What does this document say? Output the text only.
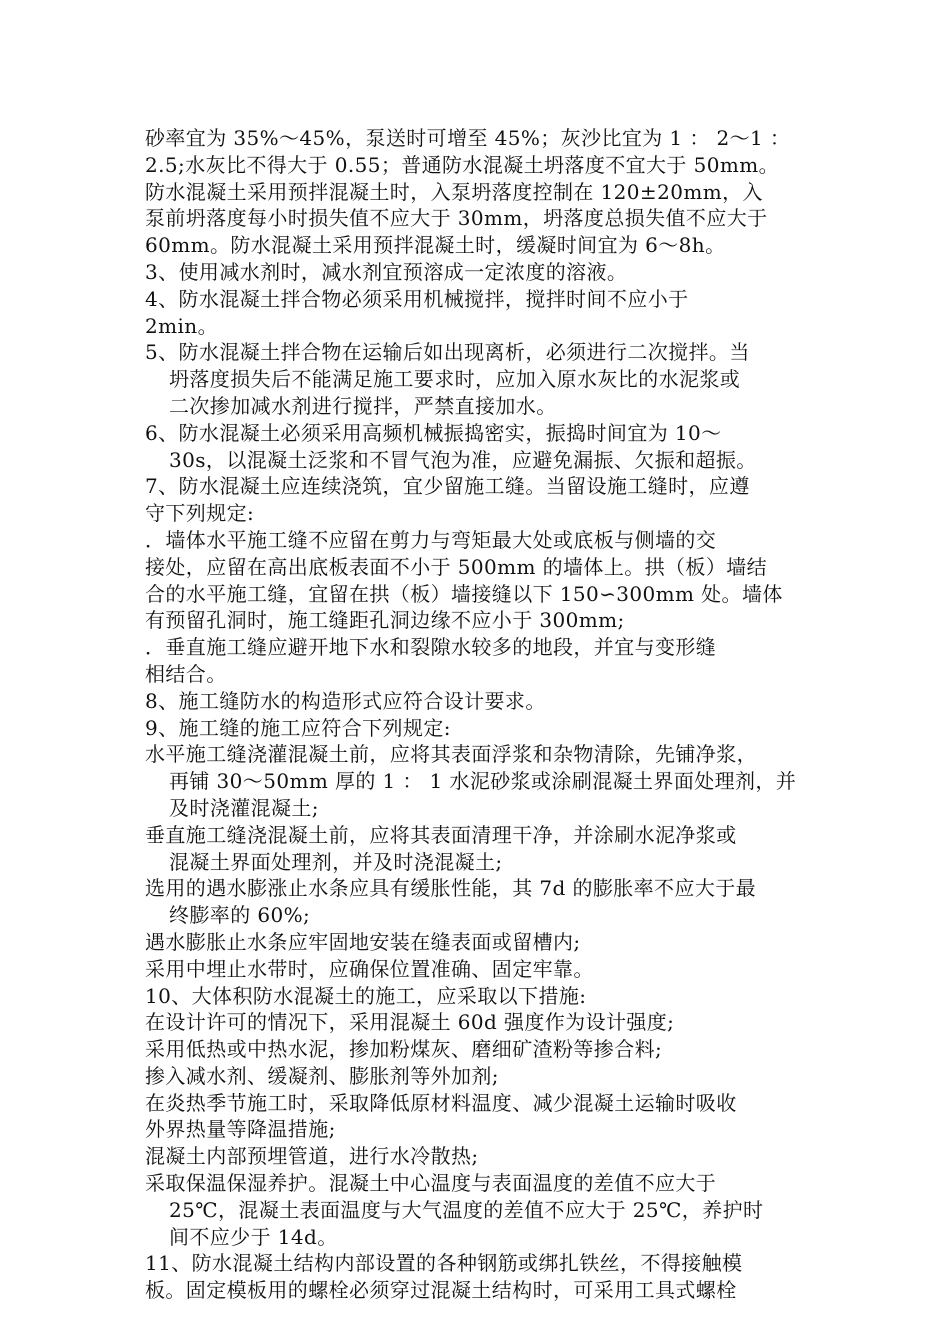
砂率宜为 35%～45%，泵送时可增至 45%；灰沙比宜为 1 ： 2～1 ：
2.5;水灰比不得大于 0.55；普通防水混凝土坍落度不宜大于 50mm。
防水混凝土采用预拌混凝土时，入泵坍落度控制在 120±20mm，入
泵前坍落度每小时损失值不应大于 30mm，坍落度总损失值不应大于
60mm。防水混凝土采用预拌混凝土时，缓凝时间宜为 6～8h。
3、使用减水剂时，减水剂宜预溶成一定浓度的溶液。
4、防水混凝土拌合物必须采用机械搅拌，搅拌时间不应小于
2min。
5、防水混凝土拌合物在运输后如出现离析，必须进行二次搅拌。当
坍落度损失后不能满足施工要求时，应加入原水灰比的水泥浆或
二次掺加减水剂进行搅拌，严禁直接加水。
6、防水混凝土必须采用高频机械振捣密实，振捣时间宜为 10～
30s，以混凝土泛浆和不冒气泡为准，应避免漏振、欠振和超振。
7、防水混凝土应连续浇筑，宜少留施工缝。当留设施工缝时，应遵
守下列规定:
．墙体水平施工缝不应留在剪力与弯矩最大处或底板与侧墙的交
接处，应留在高出底板表面不小于 500mm 的墙体上。拱（板）墙结
合的水平施工缝，宜留在拱（板）墙接缝以下 150∽300mm 处。墙体
有预留孔洞时，施工缝距孔洞边缘不应小于 300mm;
．垂直施工缝应避开地下水和裂隙水较多的地段，并宜与变形缝
相结合。
8、施工缝防水的构造形式应符合设计要求。
9、施工缝的施工应符合下列规定:
水平施工缝浇灌混凝土前，应将其表面浮浆和杂物清除，先铺净浆，
再铺 30～50mm 厚的 1 ： 1 水泥砂浆或涂刷混凝土界面处理剂，并
及时浇灌混凝土;
垂直施工缝浇混凝土前，应将其表面清理干净，并涂刷水泥净浆或
混凝土界面处理剂，并及时浇混凝土;
选用的遇水膨涨止水条应具有缓胀性能，其 7d 的膨胀率不应大于最
终膨率的 60%;
遇水膨胀止水条应牢固地安装在缝表面或留槽内;
采用中埋止水带时，应确保位置准确、固定牢靠。
10、大体积防水混凝土的施工，应采取以下措施:
在设计许可的情况下，采用混凝土 60d 强度作为设计强度;
采用低热或中热水泥，掺加粉煤灰、磨细矿渣粉等掺合料;
掺入减水剂、缓凝剂、膨胀剂等外加剂;
在炎热季节施工时，采取降低原材料温度、减少混凝土运输时吸收
外界热量等降温措施;
混凝土内部预埋管道，进行水冷散热;
采取保温保湿养护。混凝土中心温度与表面温度的差值不应大于
25℃，混凝土表面温度与大气温度的差值不应大于 25℃，养护时
间不应少于 14d。
11、防水混凝土结构内部设置的各种钢筋或绑扎铁丝，不得接触模
板。固定模板用的螺栓必须穿过混凝土结构时，可采用工具式螺栓
